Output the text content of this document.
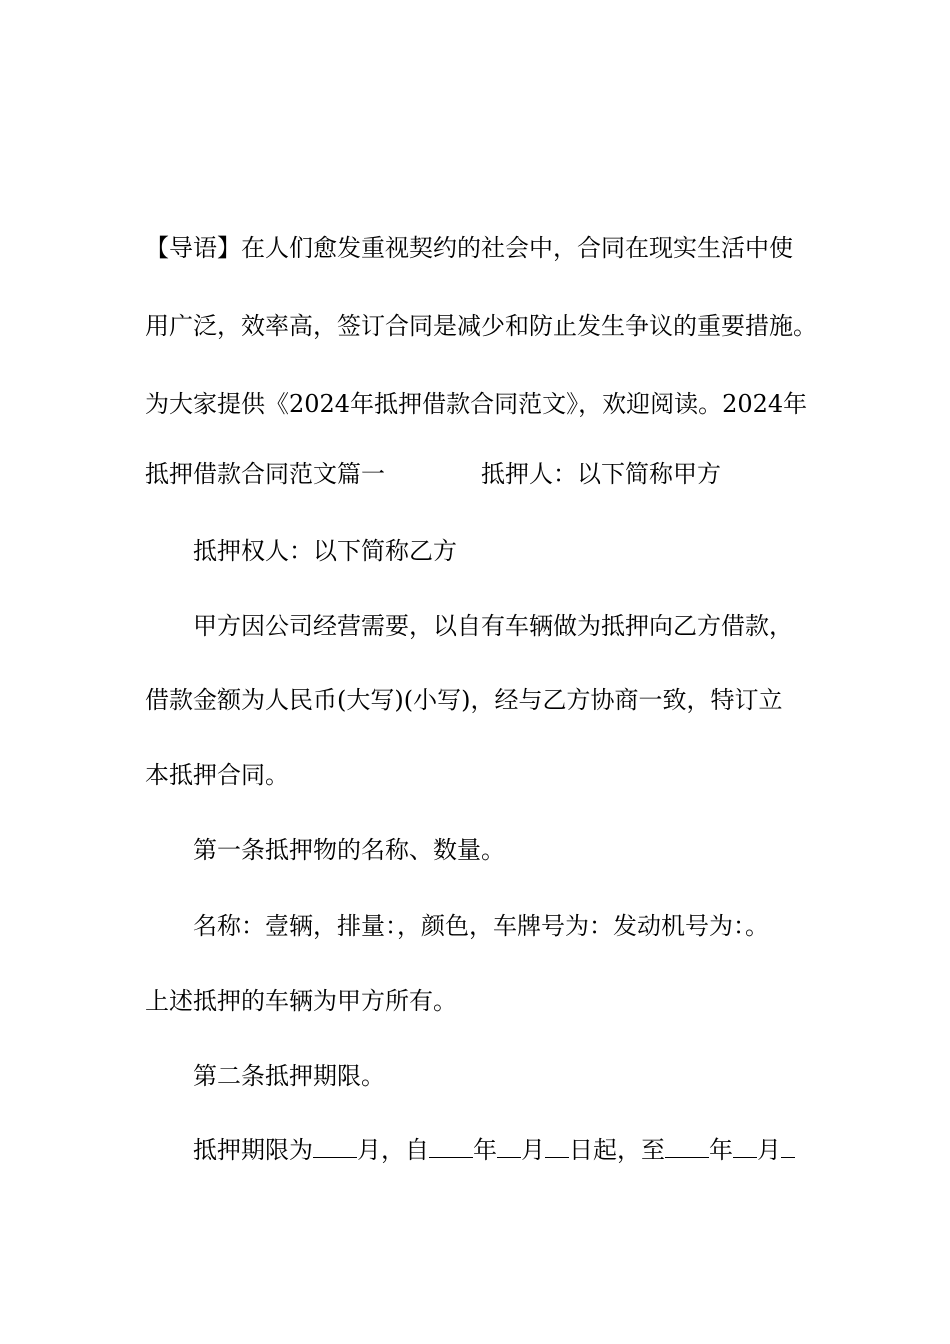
【导语】在人们愈发重视契约的社会中，合同在现实生活中使
用广泛，效率高，签订合同是减少和防止发生争议的重要措施。
为大家提供《2024年抵押借款合同范文》，欢迎阅读。2024年
抵押借款合同范文篇一	抵押人：以下简称甲方
抵押权人：以下简称乙方
甲方因公司经营需要，以自有车辆做为抵押向乙方借款，
借款金额为人民币(大写)(小写)，经与乙方协商一致，特订立
本抵押合同。
第一条抵押物的名称、数量。
名称：壹辆，排量：，颜色，车牌号为：发动机号为：。
上述抵押的车辆为甲方所有。
第二条抵押期限。
抵押期限为 月，自 年 月 日起，至 年 月
